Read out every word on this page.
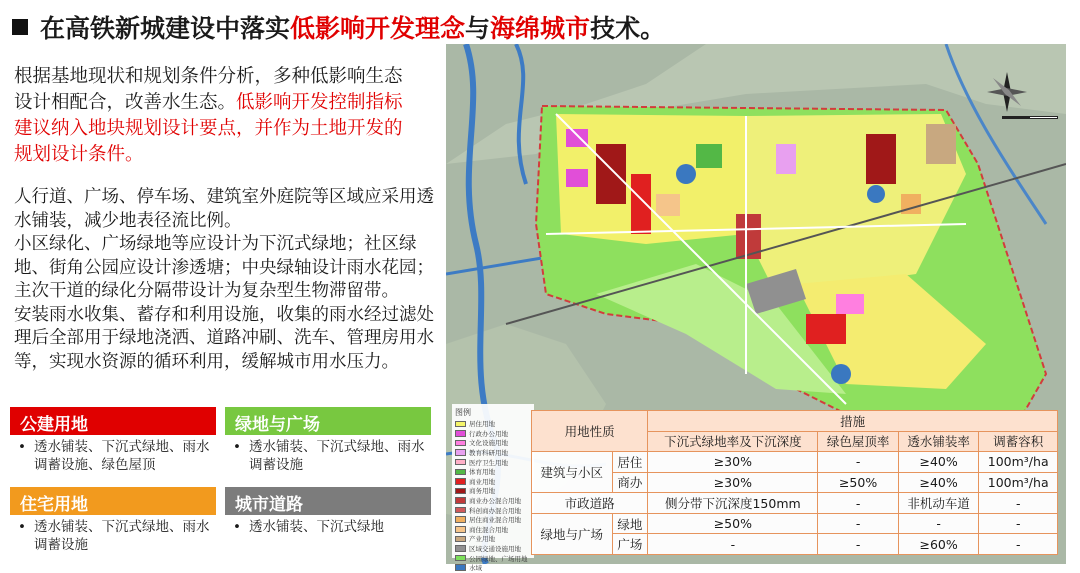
在高铁新城建设中落实 低影响开发理念 与 海绵城市 技术。
根据基地现状和规划条件分析，多种低影响生态设计相配合，改善水生态。低影响开发控制指标建议纳入地块规划设计要点，并作为土地开发的规划设计条件。
人行道、广场、停车场、建筑室外庭院等区域应采用透水铺装，减少地表径流比例。
小区绿化、广场绿地等应设计为下沉式绿地；社区绿地、街角公园应设计渗透塘；中央绿轴设计雨水花园；主次干道的绿化分隔带设计为复杂型生物滞留带。
安装雨水收集、蓄存和利用设施，收集的雨水经过滤处理后全部用于绿地浇洒、道路冲刷、洗车、管理房用水等，实现水资源的循环利用，缓解城市用水压力。
公建用地
• 透水铺装、下沉式绿地、雨水调蓄设施、绿色屋顶
绿地与广场
• 透水铺装、下沉式绿地、雨水调蓄设施
住宅用地
• 透水铺装、下沉式绿地、雨水调蓄设施
城市道路
• 透水铺装、下沉式绿地
图例
居住用地
行政办公用地
文化设施用地
教育科研用地
医疗卫生用地
体育用地
商业用地
商务用地
商业办公混合用地
科创商办混合用地
居住商业混合用地
商住混合用地
产业用地
区域交通设施用地
公园绿地、广场用地
水域
用地性质		措施			
		下沉式绿地率及下沉深度	绿色屋顶率	透水铺装率	调蓄容积
建筑与小区	居住	≥30%	-	≥40%	100m³/ha
	商办	≥30%	≥50%	≥40%	100m³/ha
市政道路		侧分带下沉深度150mm	-	非机动车道	-
绿地与广场	绿地	≥50%	-	-	-
	广场	-	-	≥60%	-
